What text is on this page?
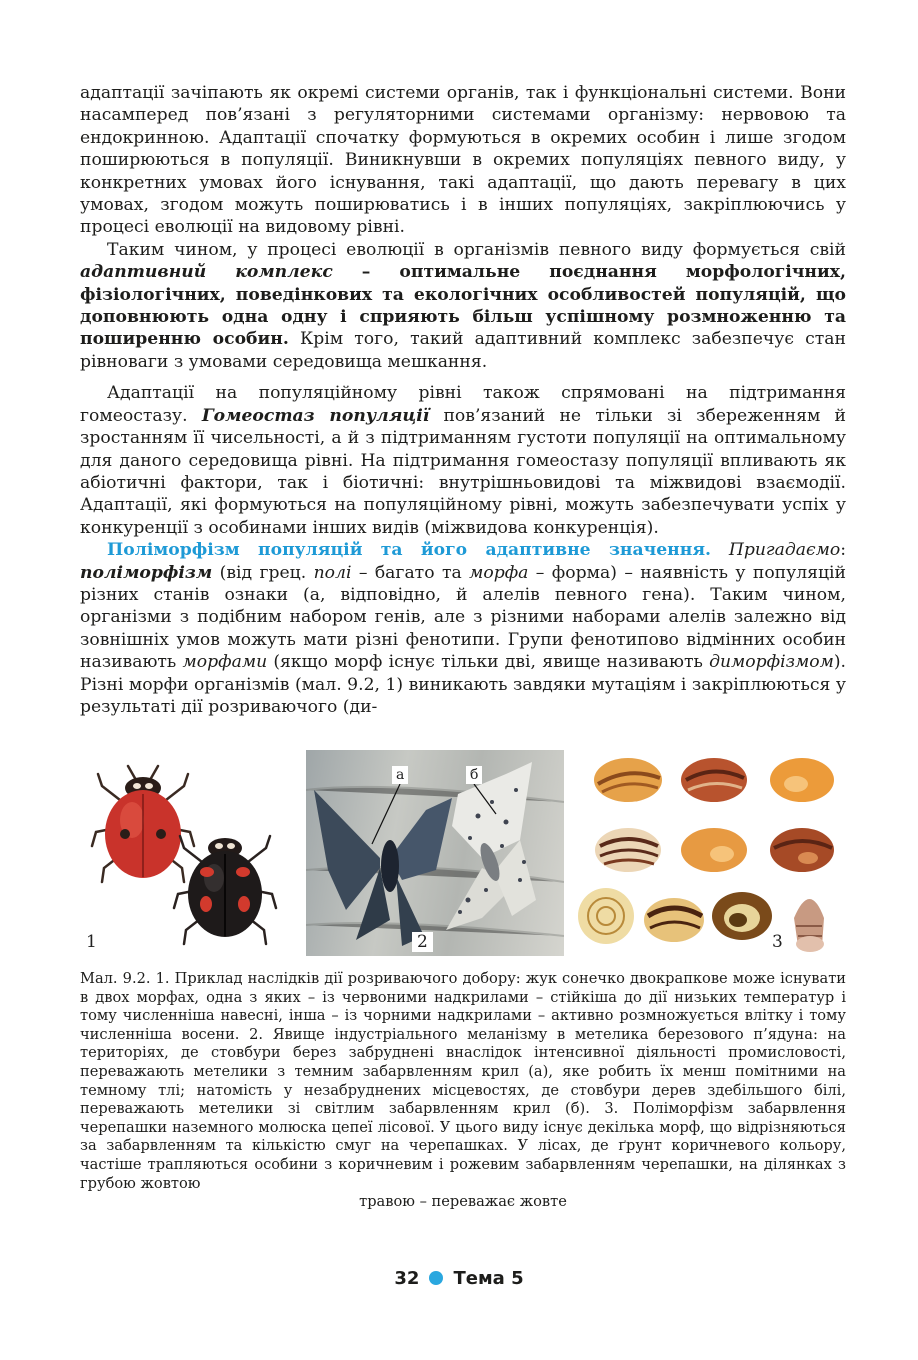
адаптації зачіпають як окремі системи органів, так і функціональні системи. Вони насамперед пов’язані з регуляторними системами організму: нервовою та ендокринною. Адаптації спочатку формуються в окремих особин і лише згодом поширюються в популяції. Виникнувши в окремих популяціях певного виду, у конкретних умовах його існування, такі адаптації, що дають перевагу в цих умовах, згодом можуть поширюватись і в інших популяціях, закріплюючись у процесі еволюції на видовому рівні.

Таким чином, у процесі еволюції в організмів певного виду формується свій адаптивний комплекс – оптимальне поєднання морфологічних, фізіологічних, поведінкових та екологічних особливостей популяцій, що доповнюють одна одну і сприяють більш успішному розмноженню та поширенню особин. Крім того, такий адаптивний комплекс забезпечує стан рівноваги з умовами середовища мешкання.

Адаптації на популяційному рівні також спрямовані на підтримання гомеостазу. Гомеостаз популяції пов’язаний не тільки зі збереженням й зростанням її чисельності, а й з підтриманням густоти популяції на оптимальному для даного середовища рівні. На підтримання гомеостазу популяції впливають як абіотичні фактори, так і біотичні: внутрішньовидові та міжвидові взаємодії. Адаптації, які формуються на популяційному рівні, можуть забезпечувати успіх у конкуренції з особинами інших видів (міжвидова конкуренція).

Поліморфізм популяцій та його адаптивне значення. Пригадаємо: поліморфізм (від грец. полі – багато та морфа – форма) – наявність у популяцій різних станів ознаки (а, відповідно, й алелів певного гена). Таким чином, організми з подібним набором генів, але з різними наборами алелів залежно від зовнішніх умов можуть мати різні фенотипи. Групи фенотипово відмінних особин називають морфами (якщо морф існує тільки дві, явище називають диморфізмом). Різні морфи організмів (мал. 9.2, 1) виникають завдяки мутаціям і закріплюються у результаті дії розриваючого (ди-

1
а	б
2	3

Мал. 9.2. 1. Приклад наслідків дії розриваючого добору: жук сонечко двокрапкове може існувати в двох морфах, одна з яких – із червоними надкрилами – стійкіша до дії низьких температур і тому численніша навесні, інша – із чорними надкрилами – активно розмножується влітку і тому численніша восени. 2. Явище індустріального меланізму в метелика березового п’ядуна: на територіях, де стовбури берез забруднені внаслідок інтенсивної діяльності промисловості, переважають метелики з темним забарвленням крил (а), яке робить їх менш помітними на темному тлі; натомість у незабруднених місцевостях, де стовбури дерев здебільшого білі, переважають метелики зі світлим забарвленням крил (б). 3. Поліморфізм забарвлення черепашки наземного молюска цепеї лісової. У цього виду існує декілька морф, що відрізняються за забарвленням та кількістю смуг на черепашках. У лісах, де ґрунт коричневого кольору, частіше трапляються особини з коричневим і рожевим забарвленням черепашки, на ділянках з грубою жовтою
травою – переважає жовте

32 Тема 5
